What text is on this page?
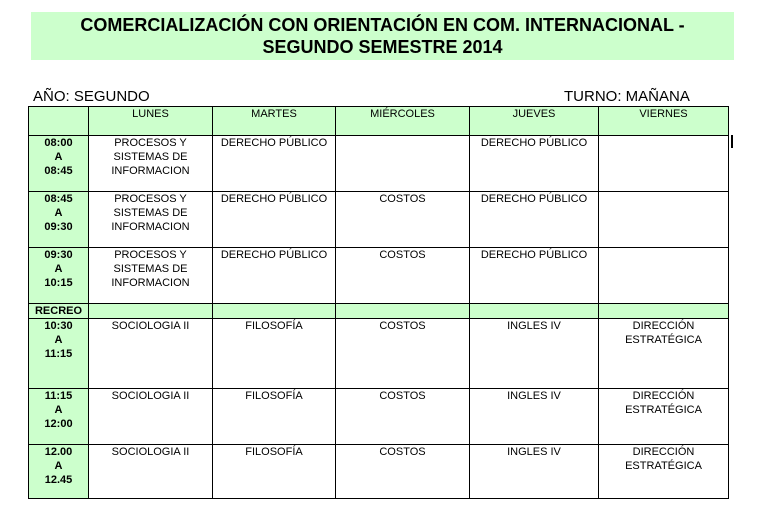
COMERCIALIZACIÓN CON ORIENTACIÓN EN COM. INTERNACIONAL -
SEGUNDO SEMESTRE 2014
AÑO: SEGUNDO	TURNO: MAÑANA
	LUNES	MARTES	MIÉRCOLES	JUEVES	VIERNES
08:00
A
08:45	PROCESOS Y
SISTEMAS DE
INFORMACION	DERECHO PÚBLICO		DERECHO PÚBLICO	
08:45
A
09:30	PROCESOS Y
SISTEMAS DE
INFORMACION	DERECHO PÚBLICO	COSTOS	DERECHO PÚBLICO	
09:30
A
10:15	PROCESOS Y
SISTEMAS DE
INFORMACION	DERECHO PÚBLICO	COSTOS	DERECHO PÚBLICO	
RECREO					
10:30
A
11:15	SOCIOLOGIA II	FILOSOFÍA	COSTOS	INGLES IV	DIRECCIÓN
ESTRATÉGICA
11:15
A
12:00	SOCIOLOGIA II	FILOSOFÍA	COSTOS	INGLES IV	DIRECCIÓN
ESTRATÉGICA
12.00
A
12.45	SOCIOLOGIA II	FILOSOFÍA	COSTOS	INGLES IV	DIRECCIÓN
ESTRATÉGICA
